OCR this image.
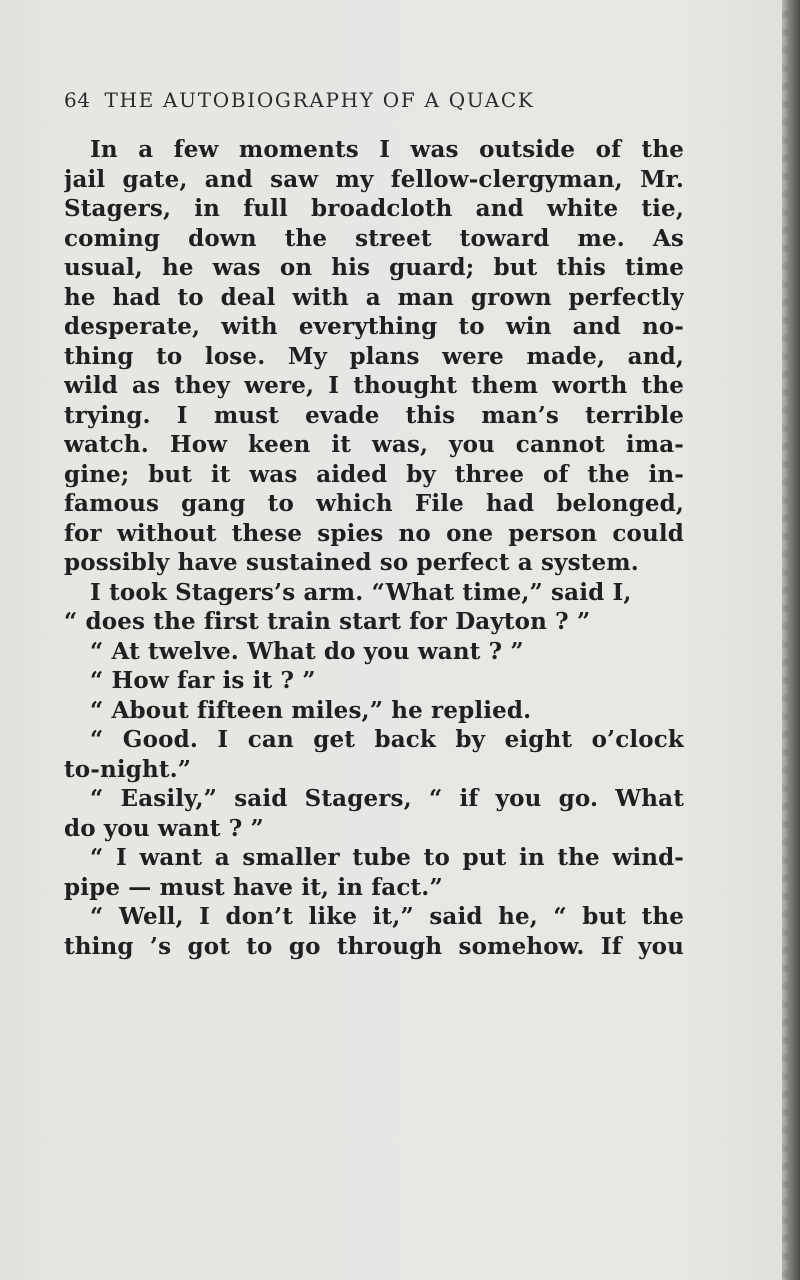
64 THE AUTOBIOGRAPHY OF A QUACK
In a few moments I was outside of the
jail gate, and saw my fellow-clergyman, Mr.
Stagers, in full broadcloth and white tie,
coming down the street toward me. As
usual, he was on his guard; but this time
he had to deal with a man grown perfectly
desperate, with everything to win and no-
thing to lose. My plans were made, and,
wild as they were, I thought them worth the
trying. I must evade this man’s terrible
watch. How keen it was, you cannot ima-
gine; but it was aided by three of the in-
famous gang to which File had belonged,
for without these spies no one person could
possibly have sustained so perfect a system.
I took Stagers’s arm. “What time,” said I,
“ does the first train start for Dayton ? ”
“ At twelve. What do you want ? ”
“ How far is it ? ”
“ About fifteen miles,” he replied.
“ Good. I can get back by eight o’clock
to-night.”
“ Easily,” said Stagers, “ if you go. What
do you want ? ”
“ I want a smaller tube to put in the wind-
pipe — must have it, in fact.”
“ Well, I don’t like it,” said he, “ but the
thing ’s got to go through somehow. If you
